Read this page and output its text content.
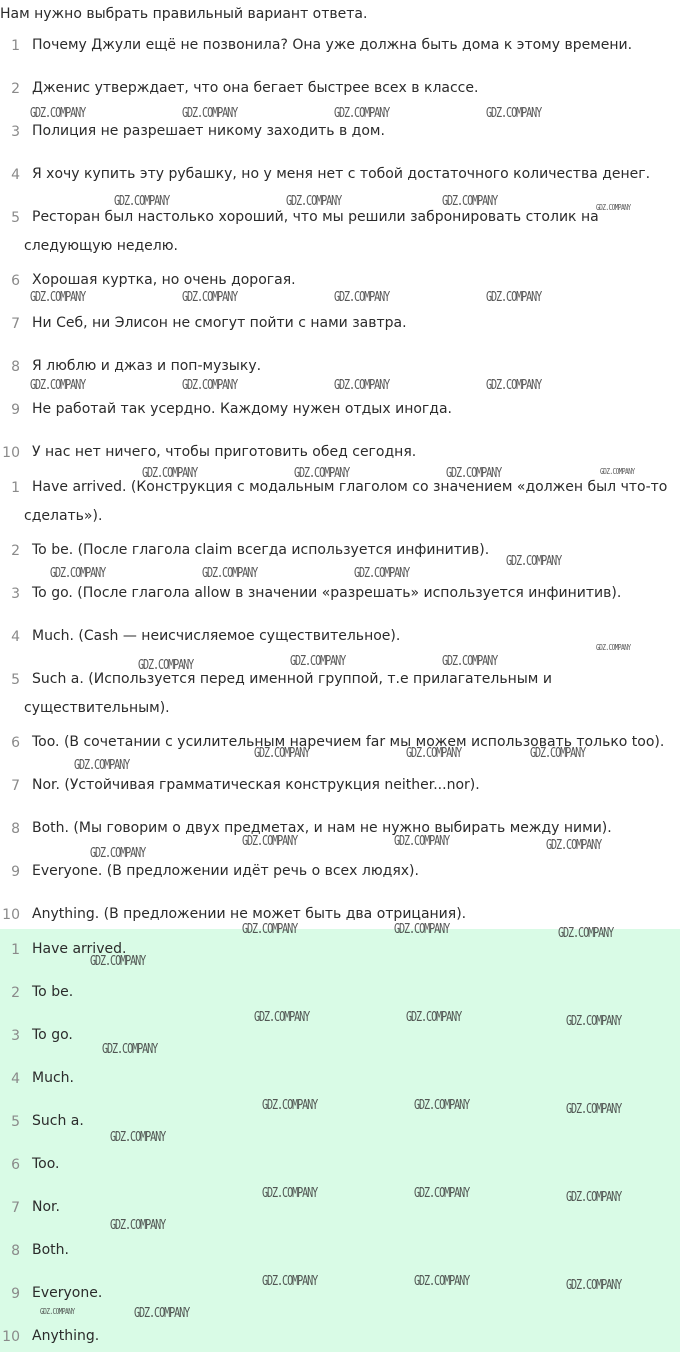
Нам нужно выбрать правильный вариант ответа.
1 Почему Джули ещё не позвонила? Она уже должна быть дома к этому времени.
2 Дженис утверждает, что она бегает быстрее всех в классе.
3 Полиция не разрешает никому заходить в дом.
4 Я хочу купить эту рубашку, но у меня нет с тобой достаточного количества денег.
5 Ресторан был настолько хороший, что мы решили забронировать столик на
следующую неделю.
6 Хорошая куртка, но очень дорогая.
7 Ни Себ, ни Элисон не смогут пойти с нами завтра.
8 Я люблю и джаз и поп-музыку.
9 Не работай так усердно. Каждому нужен отдых иногда.
10 У нас нет ничего, чтобы приготовить обед сегодня.
1 Have arrived. (Конструкция с модальным глаголом со значением «должен был что-то
сделать»).
2 To be. (После глагола claim всегда используется инфинитив).
3 To go. (После глагола allow в значении «разрешать» используется инфинитив).
4 Much. (Cash — неисчисляемое существительное).
5 Such a. (Используется перед именной группой, т.е прилагательным и
существительным).
6 Too. (В сочетании с усилительным наречием far мы можем использовать только too).
7 Nor. (Устойчивая грамматическая конструкция neither...nor).
8 Both. (Мы говорим о двух предметах, и нам не нужно выбирать между ними).
9 Everyone. (В предложении идёт речь о всех людях).
10 Anything. (В предложении не может быть два отрицания).
1 Have arrived.
2 To be.
3 To go.
4 Much.
5 Such a.
6 Too.
7 Nor.
8 Both.
9 Everyone.
10 Anything.
GDZ.COMPANY	GDZ.COMPANY	GDZ.COMPANY	GDZ.COMPANY
GDZ.COMPANY	GDZ.COMPANY	GDZ.COMPANY	GDZ.COMPANY
GDZ.COMPANY	GDZ.COMPANY	GDZ.COMPANY	GDZ.COMPANY
GDZ.COMPANY	GDZ.COMPANY	GDZ.COMPANY	GDZ.COMPANY
GDZ.COMPANY	GDZ.COMPANY	GDZ.COMPANY	GDZ.COMPANY
GDZ.COMPANY
GDZ.COMPANY	GDZ.COMPANY	GDZ.COMPANY
GDZ.COMPANY
GDZ.COMPANY	GDZ.COMPANY	GDZ.COMPANY
GDZ.COMPANY	GDZ.COMPANY	GDZ.COMPANY
GDZ.COMPANY
GDZ.COMPANY	GDZ.COMPANY	GDZ.COMPANY
GDZ.COMPANY
GDZ.COMPANY	GDZ.COMPANY	GDZ.COMPANY
GDZ.COMPANY
GDZ.COMPANY	GDZ.COMPANY	GDZ.COMPANY
GDZ.COMPANY
GDZ.COMPANY	GDZ.COMPANY	GDZ.COMPANY
GDZ.COMPANY
GDZ.COMPANY	GDZ.COMPANY	GDZ.COMPANY
GDZ.COMPANY
GDZ.COMPANY	GDZ.COMPANY	GDZ.COMPANY
GDZ.COMPANY	GDZ.COMPANY
